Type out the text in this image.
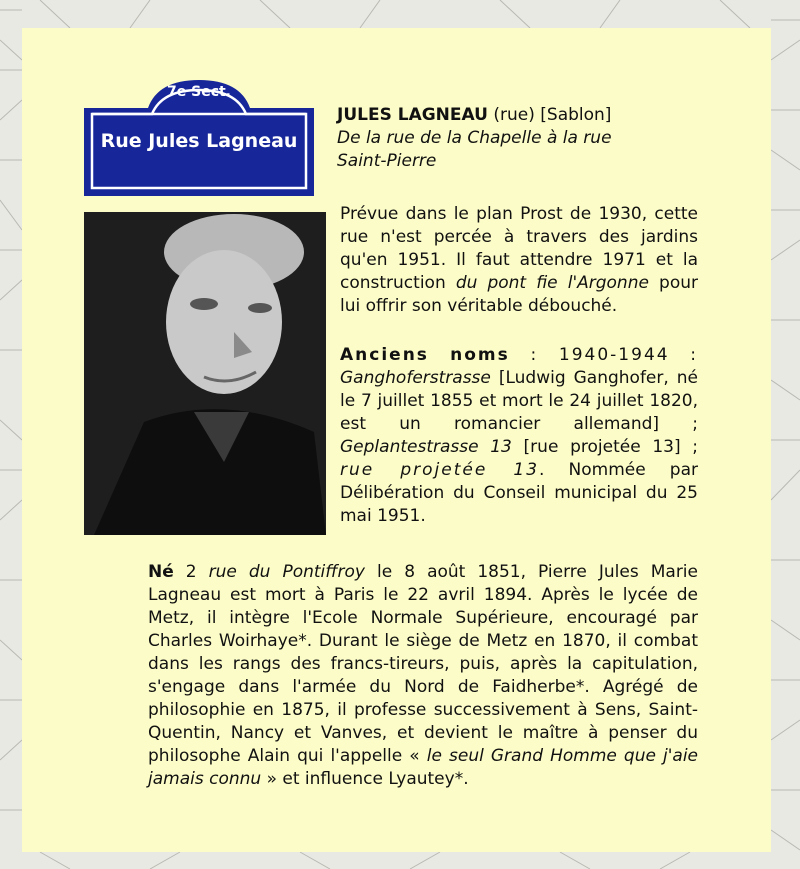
7e Sect.
Rue Jules Lagneau
JULES LAGNEAU (rue) [Sablon]
De la rue de la Chapelle à la rue
Saint-Pierre
Prévue dans le plan Prost de 1930, cette rue n'est percée à travers des jardins qu'en 1951. Il faut attendre 1971 et la construction du pont fie l'Argonne pour lui offrir son véritable débouché.
Anciens noms : 1940-1944 : Ganghoferstrasse [Ludwig Ganghofer, né le 7 juillet 1855 et mort le 24 juillet 1820, est un romancier allemand] ; Geplantestrasse 13 [rue projetée 13] ; rue projetée 13. Nommée par Délibération du Conseil municipal du 25 mai 1951.
Né 2 rue du Pontiffroy le 8 août 1851, Pierre Jules Marie Lagneau est mort à Paris le 22 avril 1894. Après le lycée de Metz, il intègre l'Ecole Normale Supérieure, encouragé par Charles Woirhaye*. Durant le siège de Metz en 1870, il combat dans les rangs des francs-tireurs, puis, après la capitulation, s'engage dans l'armée du Nord de Faidherbe*. Agrégé de philosophie en 1875, il professe successivement à Sens, Saint-Quentin, Nancy et Vanves, et devient le maître à penser du philosophe Alain qui l'appelle « le seul Grand Homme que j'aie jamais connu » et influence Lyautey*.
